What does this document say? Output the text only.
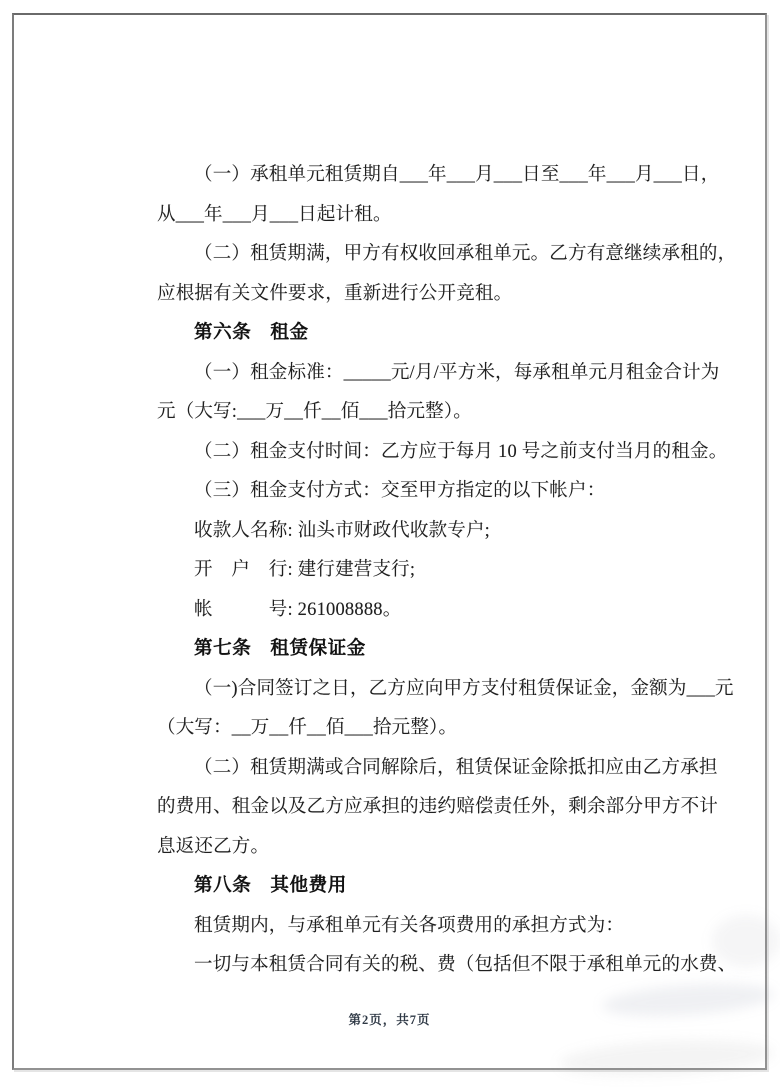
（一）承租单元租赁期自___年___月___日至___年___月___日，
从___年___月___日起计租。
（二）租赁期满，甲方有权收回承租单元。乙方有意继续承租的，
应根据有关文件要求，重新进行公开竞租。
第六条　租金
（一）租金标准：_____元/月/平方米，每承租单元月租金合计为
元（大写:___万__仟__佰___拾元整）。
（二）租金支付时间：乙方应于每月 10 号之前支付当月的租金。
（三）租金支付方式：交至甲方指定的以下帐户：
收款人名称: 汕头市财政代收款专户;
开　户　行: 建行建营支行;
帐　　　号: 261008888。
第七条　租赁保证金
（一)合同签订之日，乙方应向甲方支付租赁保证金，金额为___元
（大写：__万__仟__佰___拾元整）。
（二）租赁期满或合同解除后，租赁保证金除抵扣应由乙方承担
的费用、租金以及乙方应承担的违约赔偿责任外，剩余部分甲方不计
息返还乙方。
第八条　其他费用
租赁期内，与承租单元有关各项费用的承担方式为：
一切与本租赁合同有关的税、费（包括但不限于承租单元的水费、
第2页，共7页
